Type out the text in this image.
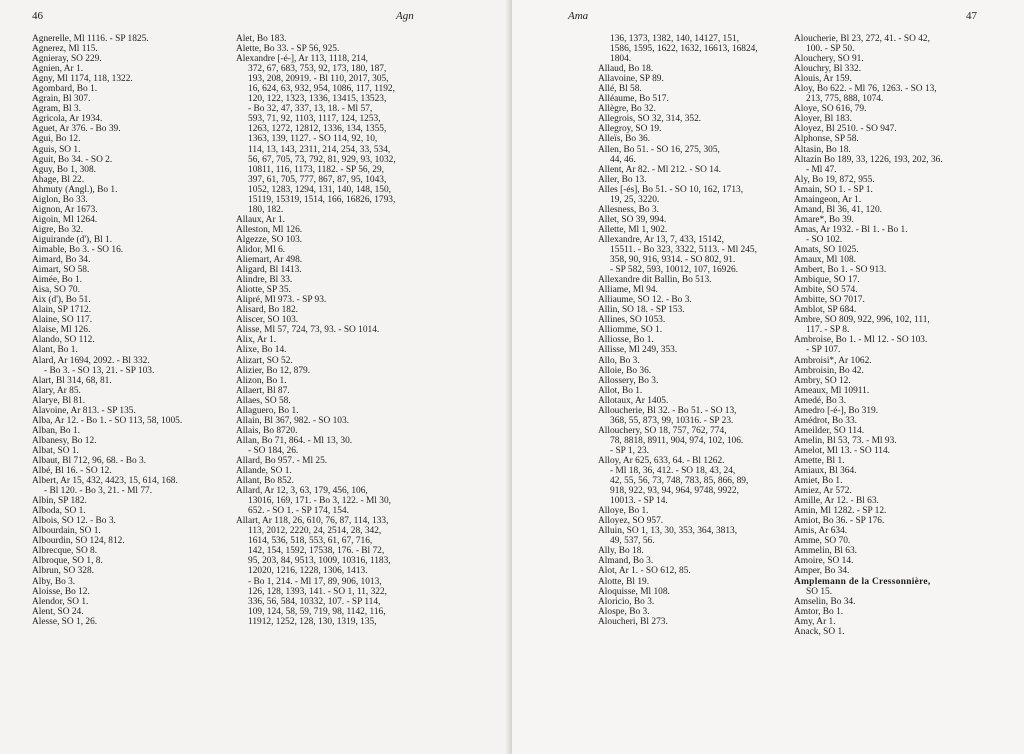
46	Agn
Agnerelle, Ml 1116. - SP 1825.
Agnerez, Ml 115.
Agnieray, SO 229.
Agnien, Ar 1.
Agny, Ml 1174, 118, 1322.
Agombard, Bo 1.
Agrain, Bl 307.
Agram, Bl 3.
Agricola, Ar 1934.
Aguet, Ar 376. - Bo 39.
Agui, Bo 12.
Aguis, SO 1.
Aguit, Bo 34. - SO 2.
Aguy, Bo 1, 308.
Ahage, Bl 22.
Ahmuty (Angl.), Bo 1.
Aiglon, Bo 33.
Aignon, Ar 1673.
Aigoin, Ml 1264.
Aigre, Bo 32.
Aiguirande (d'), Bl 1.
Aimable, Bo 3. - SO 16.
Aimard, Bo 34.
Aimart, SO 58.
Aimée, Bo 1.
Aisa, SO 70.
Aix (d'), Bo 51.
Alain, SP 1712.
Alaine, SO 117.
Alaise, Ml 126.
Alando, SO 112.
Alant, Bo 1.
Alard, Ar 1694, 2092. - Bl 332.
- Bo 3. - SO 13, 21. - SP 103.
Alart, Bl 314, 68, 81.
Alary, Ar 85.
Alarye, Bl 81.
Alavoine, Ar 813. - SP 135.
Alba, Ar 12. - Bo 1. - SO 113, 58, 1005.
Alban, Bo 1.
Albanesy, Bo 12.
Albat, SO 1.
Albaut, Bl 712, 96, 68. - Bo 3.
Albé, Bl 16. - SO 12.
Albert, Ar 15, 432, 4423, 15, 614, 168.
- Bl 120. - Bo 3, 21. - Ml 77.
Albin, SP 182.
Alboda, SO 1.
Albois, SO 12. - Bo 3.
Albourdain, SO 1.
Albourdin, SO 124, 812.
Albrecque, SO 8.
Albroque, SO 1, 8.
Albrun, SO 328.
Alby, Bo 3.
Aloisse, Bo 12.
Alendor, SO 1.
Alent, SO 24.
Alesse, SO 1, 26.
Alet, Bo 183.
Alette, Bo 33. - SP 56, 925.
Alexandre [-é-], Ar 113, 1118, 214,
372, 67, 683, 753, 92, 173, 180, 187,
193, 208, 20919. - Bl 110, 2017, 305,
16, 624, 63, 932, 954, 1086, 117, 1192,
120, 122, 1323, 1336, 13415, 13523,
- Bo 32, 47, 337, 13, 18. - Ml 57,
593, 71, 92, 1103, 1117, 124, 1253,
1263, 1272, 12812, 1336, 134, 1355,
1363, 139, 1127. - SO 114, 92, 10,
114, 13, 143, 2311, 214, 254, 33, 534,
56, 67, 705, 73, 792, 81, 929, 93, 1032,
10811, 116, 1173, 1182. - SP 56, 29,
397, 61, 705, 777, 867, 87, 95, 1043,
1052, 1283, 1294, 131, 140, 148, 150,
15119, 15319, 1514, 166, 16826, 1793,
180, 182.
Allaux, Ar 1.
Alleston, Ml 126.
Algezze, SO 103.
Alidor, Ml 6.
Aliemart, Ar 498.
Aligard, Bl 1413.
Alindre, Bl 33.
Aliotte, SP 35.
Alipré, Ml 973. - SP 93.
Alisard, Bo 182.
Aliscer, SO 103.
Alisse, Ml 57, 724, 73, 93. - SO 1014.
Alix, Ar 1.
Alixe, Bo 14.
Alizart, SO 52.
Alizier, Bo 12, 879.
Alizon, Bo 1.
Allaert, Bl 87.
Allaes, SO 58.
Allaguero, Bo 1.
Allain, Bl 367, 982. - SO 103.
Allais, Bo 8720.
Allan, Bo 71, 864. - Ml 13, 30.
- SO 184, 26.
Allard, Bo 957. - Ml 25.
Allande, SO 1.
Allant, Bo 852.
Allard, Ar 12, 3, 63, 179, 456, 106,
13016, 169, 171. - Bo 3, 122. - Ml 30,
652. - SO 1. - SP 174, 154.
Allart, Ar 118, 26, 610, 76, 87, 114, 133,
113, 2012, 2220, 24, 2514, 28, 342,
1614, 536, 518, 553, 61, 67, 716,
142, 154, 1592, 17538, 176. - Bl 72,
95, 203, 84, 9513, 1009, 10316, 1183,
12020, 1216, 1228, 1306, 1413.
- Bo 1, 214. - Ml 17, 89, 906, 1013,
126, 128, 1393, 141. - SO 1, 11, 322,
336, 56, 584, 10332, 107. - SP 114,
109, 124, 58, 59, 719, 98, 1142, 116,
11912, 1252, 128, 130, 1319, 135,
Ama	47
136, 1373, 1382, 140, 14127, 151,
1586, 1595, 1622, 1632, 16613, 16824,
1804.
Allaud, Bo 18.
Allavoine, SP 89.
Allé, Bl 58.
Alléaume, Bo 517.
Allègre, Bo 32.
Allegrois, SO 32, 314, 352.
Allegroy, SO 19.
Alleïs, Bo 36.
Allen, Bo 51. - SO 16, 275, 305,
44, 46.
Allent, Ar 82. - Ml 212. - SO 14.
Aller, Bo 13.
Alles [-és], Bo 51. - SO 10, 162, 1713,
19, 25, 3220.
Allesness, Bo 3.
Allet, SO 39, 994.
Allette, Ml 1, 902.
Allexandre, Ar 13, 7, 433, 15142,
15511. - Bo 323, 3322, 5113. - Ml 245,
358, 90, 916, 9314. - SO 802, 91.
- SP 582, 593, 10012, 107, 16926.
Allexandre dit Ballin, Bo 513.
Alliame, Ml 94.
Alliaume, SO 12. - Bo 3.
Allin, SO 18. - SP 153.
Allines, SO 1053.
Alliomme, SO 1.
Alliosse, Bo 1.
Allisse, Ml 249, 353.
Allo, Bo 3.
Alloie, Bo 36.
Allossery, Bo 3.
Allot, Bo 1.
Allotaux, Ar 1405.
Alloucherie, Bl 32. - Bo 51. - SO 13,
368, 55, 873, 99, 10316. - SP 23.
Allouchery, SO 18, 757, 762, 774,
78, 8818, 8911, 904, 974, 102, 106.
- SP 1, 23.
Alloy, Ar 625, 633, 64. - Bl 1262.
- Ml 18, 36, 412. - SO 18, 43, 24,
42, 55, 56, 73, 748, 783, 85, 866, 89,
918, 922, 93, 94, 964, 9748, 9922,
10013. - SP 14.
Alloye, Bo 1.
Alloyez, SO 957.
Alluin, SO 1, 13, 30, 353, 364, 3813,
49, 537, 56.
Ally, Bo 18.
Almand, Bo 3.
Alot, Ar 1. - SO 612, 85.
Alotte, Bl 19.
Aloquisse, Ml 108.
Aloricio, Bo 3.
Alospe, Bo 3.
Aloucheri, Bl 273.
Aloucherie, Bl 23, 272, 41. - SO 42,
100. - SP 50.
Alouchery, SO 91.
Alouchry, Bl 332.
Alouis, Ar 159.
Aloy, Bo 622. - Ml 76, 1263. - SO 13,
213, 775, 888, 1074.
Aloye, SO 616, 79.
Aloyer, Bl 183.
Aloyez, Bl 2510. - SO 947.
Alphonse, SP 58.
Altasin, Bo 18.
Altazin Bo 189, 33, 1226, 193, 202, 36.
- Ml 47.
Aly, Bo 19, 872, 955.
Amain, SO 1. - SP 1.
Amaingeon, Ar 1.
Amand, Bl 36, 41, 120.
Amare*, Bo 39.
Amas, Ar 1932. - Bl 1. - Bo 1.
- SO 102.
Amats, SO 1025.
Amaux, Ml 108.
Ambert, Bo 1. - SO 913.
Ambique, SO 17.
Ambite, SO 574.
Ambitte, SO 7017.
Amblot, SP 684.
Ambre, SO 809, 922, 996, 102, 111,
117. - SP 8.
Ambroise, Bo 1. - Ml 12. - SO 103.
- SP 107.
Ambroisi*, Ar 1062.
Ambroisin, Bo 42.
Ambry, SO 12.
Ameaux, Ml 10911.
Amedé, Bo 3.
Amedro [-é-], Bo 319.
Amédrot, Bo 33.
Ameilder, SO 114.
Amelin, Bl 53, 73. - Ml 93.
Amelot, Ml 13. - SO 114.
Amette, Bl 1.
Amiaux, Bl 364.
Amiet, Bo 1.
Amiez, Ar 572.
Amille, Ar 12. - Bl 63.
Amin, Ml 1282. - SP 12.
Amiot, Bo 36. - SP 176.
Amis, Ar 634.
Amme, SO 70.
Ammelin, Bl 63.
Amoire, SO 14.
Amper, Bo 34.
Amplemann de la Cressonnière,
SO 15.
Amselin, Bo 34.
Amtor, Bo 1.
Amy, Ar 1.
Anack, SO 1.
